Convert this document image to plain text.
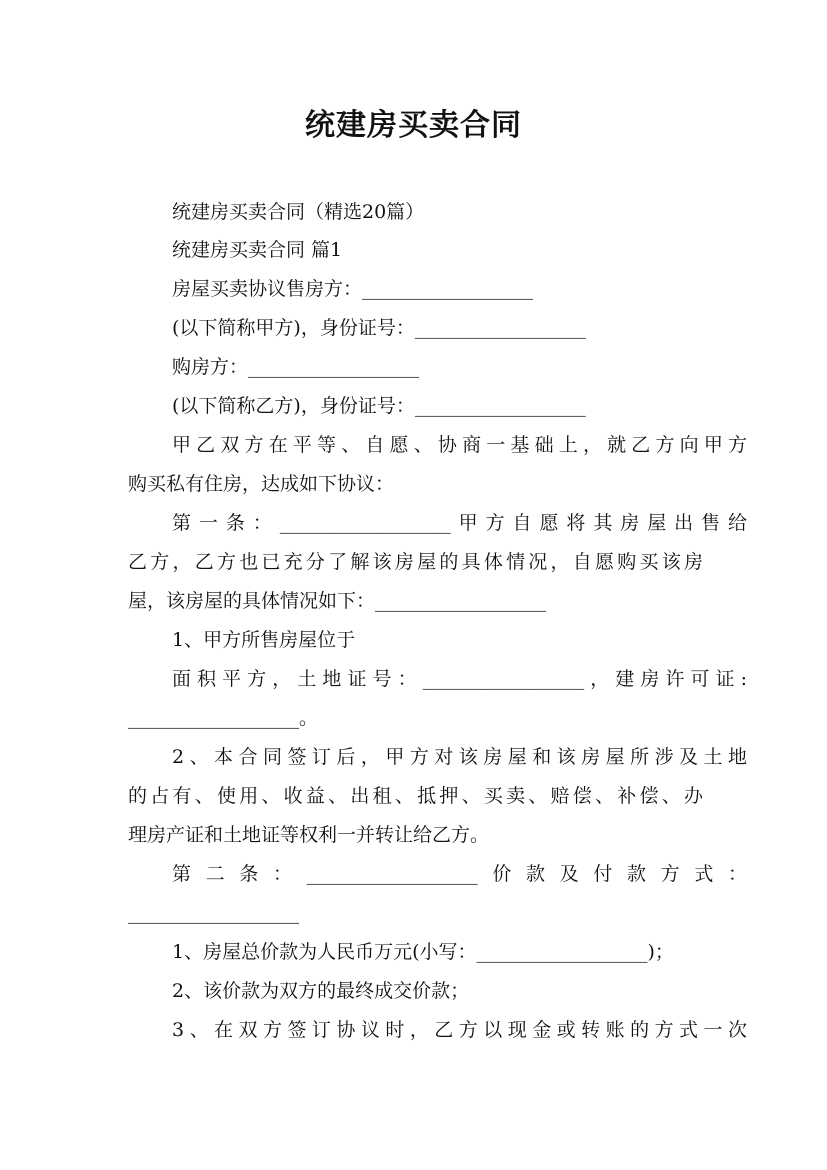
统建房买卖合同
统建房买卖合同（精选20篇）
统建房买卖合同 篇1
房屋买卖协议售房方：__________________
(以下简称甲方)，身份证号：__________________
购房方：__________________
(以下简称乙方)，身份证号：__________________
甲乙双方在平等、自愿、协商一基础上，就乙方向甲方
购买私有住房，达成如下协议：
第一条：__________________甲方自愿将其房屋出售给
乙方，乙方也已充分了解该房屋的具体情况，自愿购买该房
屋，该房屋的具体情况如下：__________________
1、甲方所售房屋位于
面积平方，土地证号：_________________，建房许可证:
__________________。
2、本合同签订后，甲方对该房屋和该房屋所涉及土地
的占有、使用、收益、出租、抵押、买卖、赔偿、补偿、办
理房产证和土地证等权利一并转让给乙方。
第二条：__________________价款及付款方式：
__________________
1、房屋总价款为人民币万元(小写：__________________)；
2、该价款为双方的最终成交价款；
3、在双方签订协议时，乙方以现金或转账的方式一次
